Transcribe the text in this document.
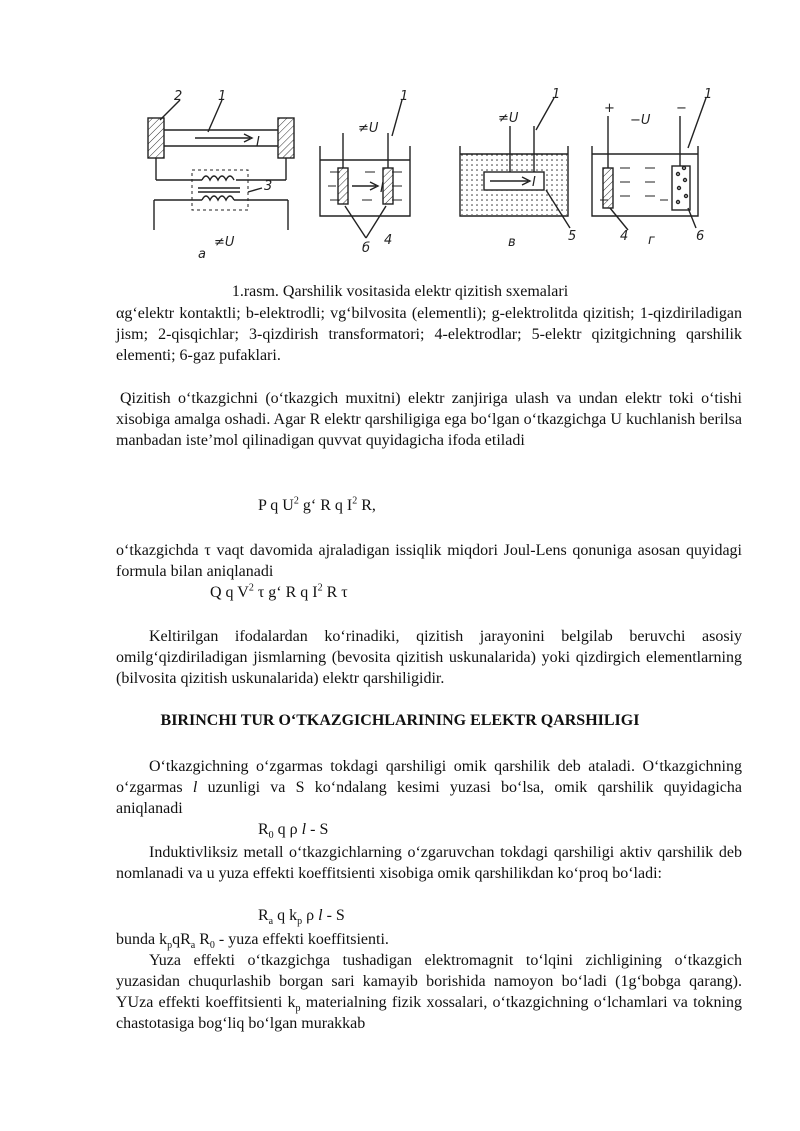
2	1
3
a
≠U
I
1
≠U
I
б
4
1
≠U
I
в	5
+	−
−U
1
4 г	6
1.rasm. Qarshilik vositasida elektr qizitish sxemalari
αg‘elektr kontaktli; b-elektrodli; vg‘bilvosita (elementli); g-elektrolitda qizitish; 1-qizdiriladigan jism; 2-qisqichlar; 3-qizdirish transformatori; 4-elektrodlar; 5-elektr qizitgichning qarshilik elementi; 6-gaz pufaklari.
Qizitish o‘tkazgichni (o‘tkazgich muxitni) elektr zanjiriga ulash va undan elektr toki o‘tishi xisobiga amalga oshadi. Agar R elektr qarshiligiga ega bo‘lgan o‘tkazgichga U kuchlanish berilsa manbadan iste’mol qilinadigan quvvat quyidagicha ifoda etiladi
P q $U^2$ g‘ R q $I^2$ R,
o‘tkazgichda τ vaqt davomida ajraladigan issiqlik miqdori Joul-Lens qonuniga asosan quyidagi formula bilan aniqlanadi
Q q $V^2$ τ g‘ R q $I^2$ R τ
Keltirilgan ifodalardan ko‘rinadiki, qizitish jarayonini belgilab beruvchi asosiy omilg‘qizdiriladigan jismlarning (bevosita qizitish uskunalarida) yoki qizdirgich elementlarning (bilvosita qizitish uskunalarida) elektr qarshiligidir.
BIRINCHI TUR O‘TKAZGICHLARINING ELEKTR QARSHILIGI
O‘tkazgichning o‘zgarmas tokdagi qarshiligi omik qarshilik deb ataladi. O‘tkazgichning o‘zgarmas l uzunligi va S ko‘ndalang kesimi yuzasi bo‘lsa, omik qarshilik quyidagicha aniqlanadi
$R_0$ q ρ l - S
Induktivliksiz metall o‘tkazgichlarning o‘zgaruvchan tokdagi qarshiligi aktiv qarshilik deb nomlanadi va u yuza effekti koeffitsienti xisobiga omik qarshilikdan ko‘proq bo‘ladi:
$R_a$ q $k_p$ ρ l - S
bunda $k_pqR_a$ $R_0$ - yuza effekti koeffitsienti.
Yuza effekti o‘tkazgichga tushadigan elektromagnit to‘lqini zichligining o‘tkazgich yuzasidan chuqurlashib borgan sari kamayib borishida namoyon bo‘ladi (1g‘bobga qarang). YUza effekti koeffitsienti $k_p$ materialning fizik xossalari, o‘tkazgichning o‘lchamlari va tokning chastotasiga bog‘liq bo‘lgan murakkab
